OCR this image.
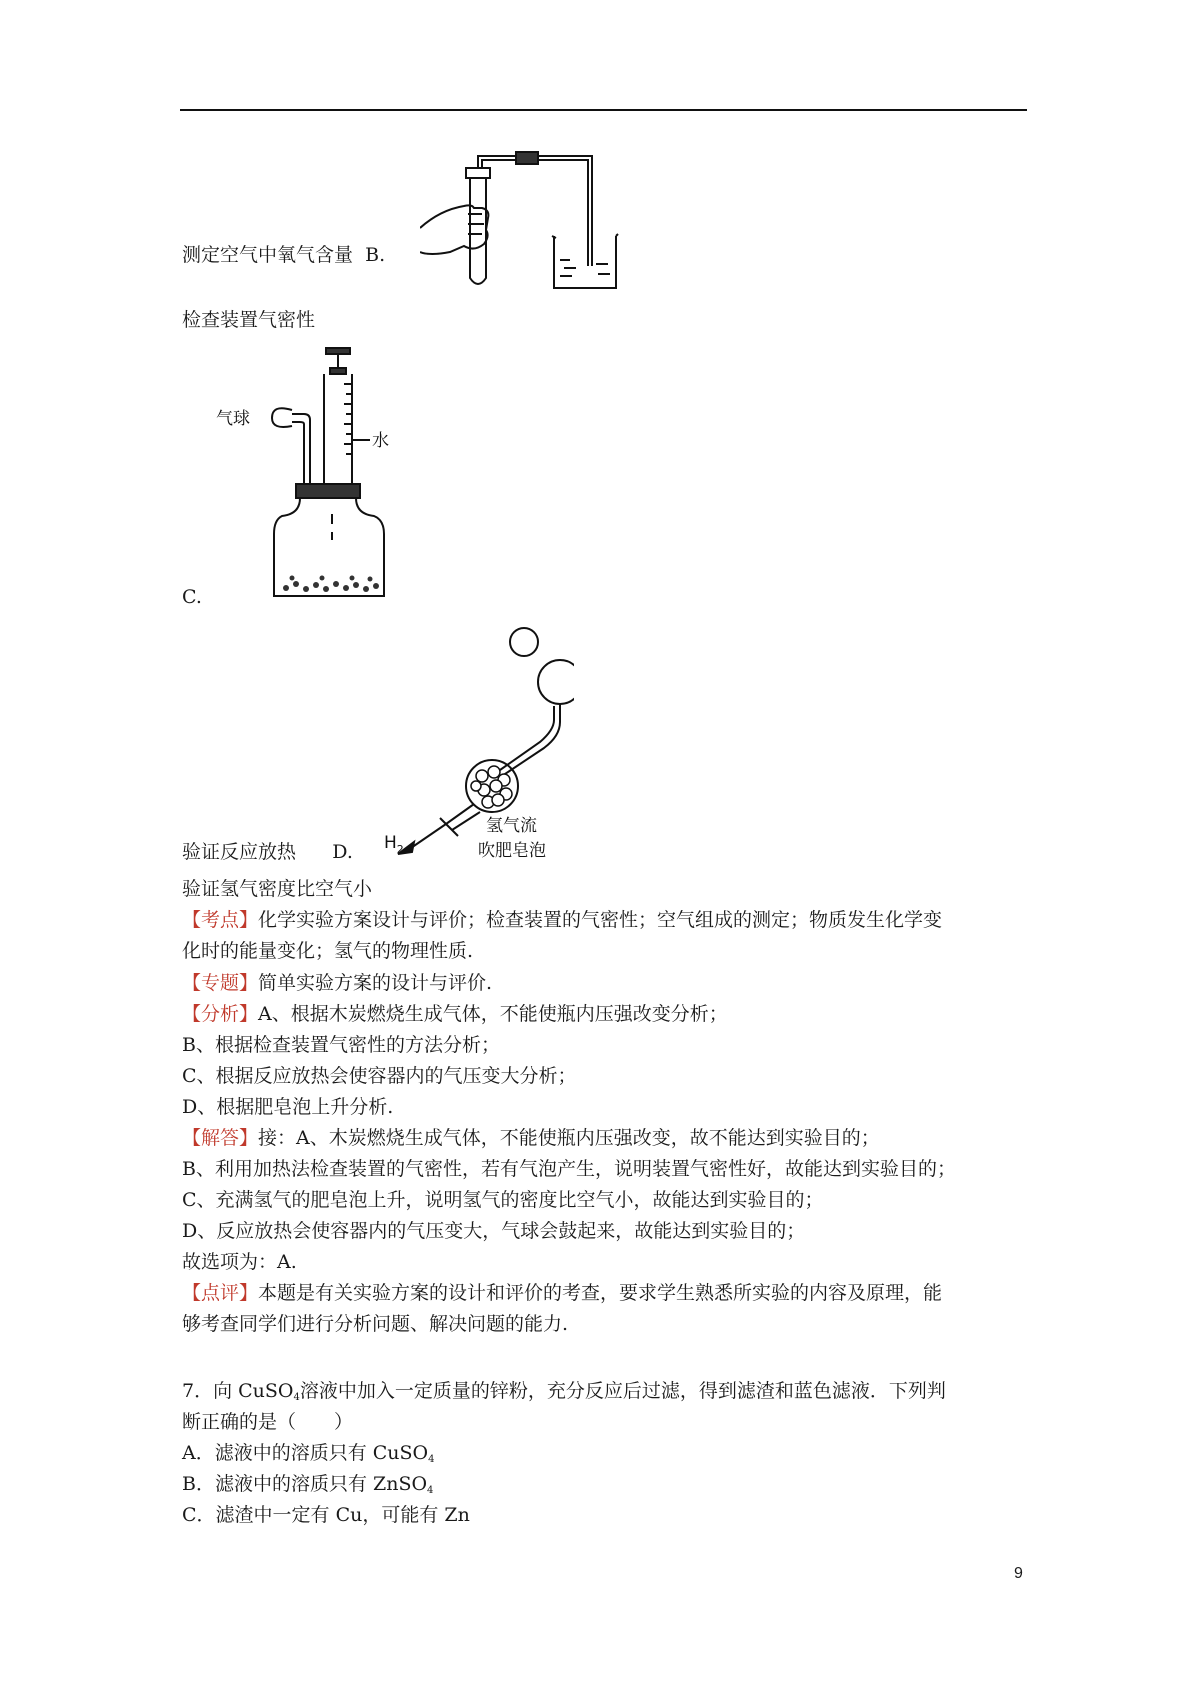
测定空气中氧气含量 B.
检查装置气密性
气球
水
C.
$H_2$
氢气流
吹肥皂泡
验证反应放热 D.
验证氢气密度比空气小
【考点】化学实验方案设计与评价；检查装置的气密性；空气组成的测定；物质发生化学变
化时的能量变化；氢气的物理性质.
【专题】简单实验方案的设计与评价.
【分析】A、根据木炭燃烧生成气体，不能使瓶内压强改变分析；
B、根据检查装置气密性的方法分析；
C、根据反应放热会使容器内的气压变大分析；
D、根据肥皂泡上升分析.
【解答】接：A、木炭燃烧生成气体，不能使瓶内压强改变，故不能达到实验目的；
B、利用加热法检查装置的气密性，若有气泡产生，说明装置气密性好，故能达到实验目的；
C、充满氢气的肥皂泡上升，说明氢气的密度比空气小，故能达到实验目的；
D、反应放热会使容器内的气压变大，气球会鼓起来，故能达到实验目的；
故选项为：A.
【点评】本题是有关实验方案的设计和评价的考查，要求学生熟悉所实验的内容及原理，能
够考查同学们进行分析问题、解决问题的能力.
7．向 CuSO$_4$溶液中加入一定质量的锌粉，充分反应后过滤，得到滤渣和蓝色滤液．下列判
断正确的是（　　）
A．滤液中的溶质只有 CuSO$_4$
B．滤液中的溶质只有 ZnSO$_4$
C．滤渣中一定有 Cu，可能有 Zn
9
